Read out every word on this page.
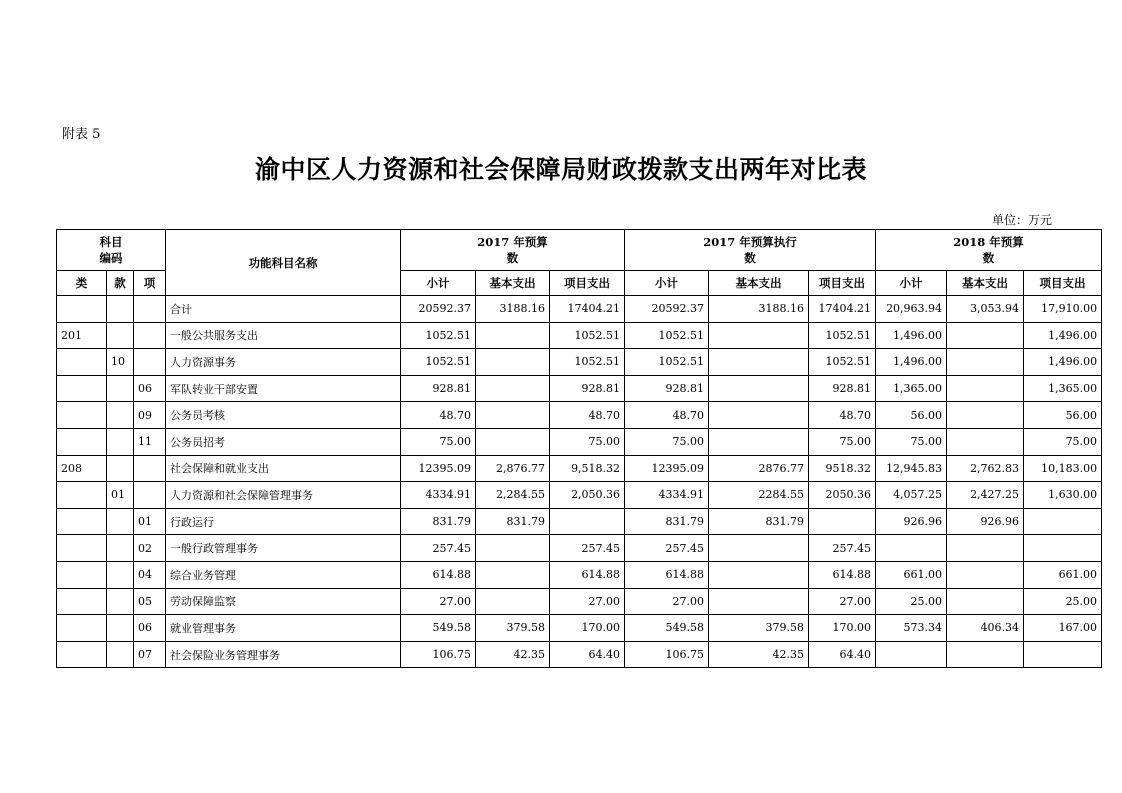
附表 5
渝中区人力资源和社会保障局财政拨款支出两年对比表
单位：万元
科目
编码			功能科目名称	2017 年预算
数			2017 年预算执行
数			2018 年预算
数		
类	款	项		小计	基本支出	项目支出	小计	基本支出	项目支出	小计	基本支出	项目支出
			合计	20592.37	3188.16	17404.21	20592.37	3188.16	17404.21	20,963.94	3,053.94	17,910.00
201			一般公共服务支出	1052.51		1052.51	1052.51		1052.51	1,496.00		1,496.00
	10		人力资源事务	1052.51		1052.51	1052.51		1052.51	1,496.00		1,496.00
		06	军队转业干部安置	928.81		928.81	928.81		928.81	1,365.00		1,365.00
		09	公务员考核	48.70		48.70	48.70		48.70	56.00		56.00
		11	公务员招考	75.00		75.00	75.00		75.00	75.00		75.00
208			社会保障和就业支出	12395.09	2,876.77	9,518.32	12395.09	2876.77	9518.32	12,945.83	2,762.83	10,183.00
	01		人力资源和社会保障管理事务	4334.91	2,284.55	2,050.36	4334.91	2284.55	2050.36	4,057.25	2,427.25	1,630.00
		01	行政运行	831.79	831.79		831.79	831.79		926.96	926.96	
		02	一般行政管理事务	257.45		257.45	257.45		257.45			
		04	综合业务管理	614.88		614.88	614.88		614.88	661.00		661.00
		05	劳动保障监察	27.00		27.00	27.00		27.00	25.00		25.00
		06	就业管理事务	549.58	379.58	170.00	549.58	379.58	170.00	573.34	406.34	167.00
		07	社会保险业务管理事务	106.75	42.35	64.40	106.75	42.35	64.40			
